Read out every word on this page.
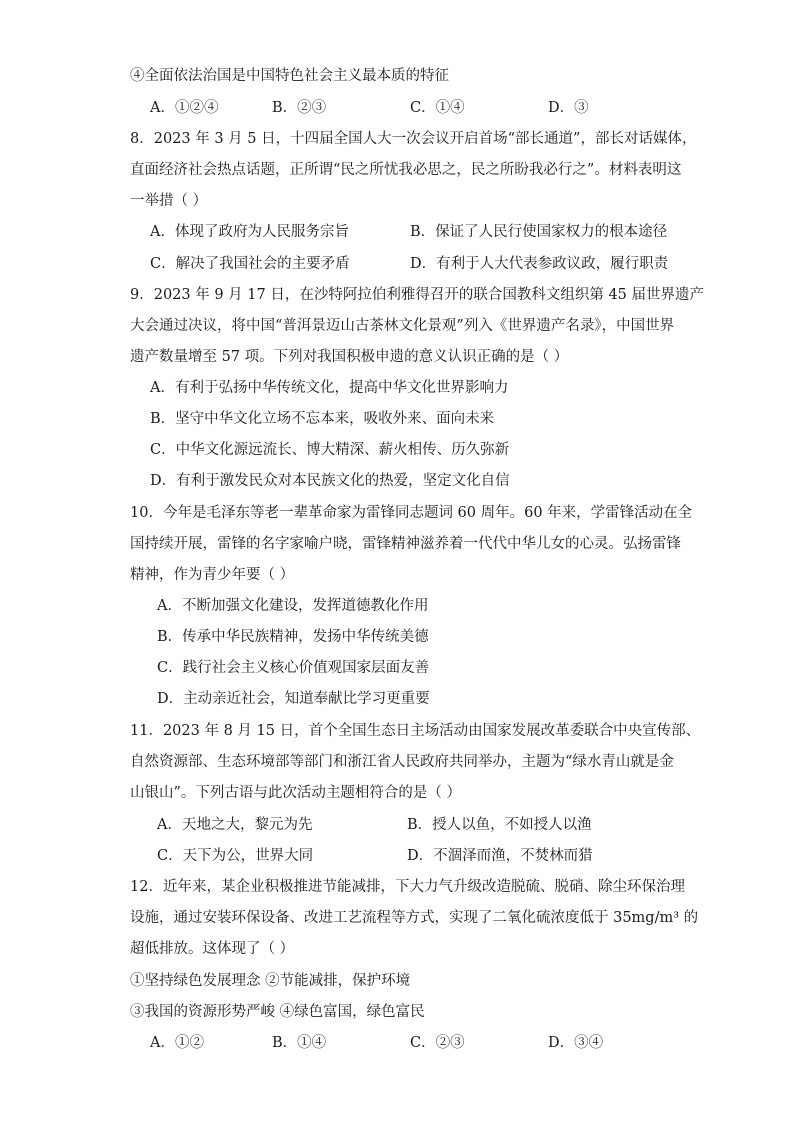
④全面依法治国是中国特色社会主义最本质的特征
A．①②④	B．②③	C．①④	D．③
8．2023 年 3 月 5 日，十四届全国人大一次会议开启首场“部长通道”，部长对话媒体，
直面经济社会热点话题，正所谓“民之所忧我必思之，民之所盼我必行之”。材料表明这
一举措（ ）
A．体现了政府为人民服务宗旨	B．保证了人民行使国家权力的根本途径
C．解决了我国社会的主要矛盾	D．有利于人大代表参政议政，履行职责
9．2023 年 9 月 17 日，在沙特阿拉伯利雅得召开的联合国教科文组织第 45 届世界遗产
大会通过决议，将中国“普洱景迈山古茶林文化景观”列入《世界遗产名录》，中国世界
遗产数量增至 57 项。下列对我国积极申遗的意义认识正确的是（ ）
A．有利于弘扬中华传统文化，提高中华文化世界影响力
B．坚守中华文化立场不忘本来，吸收外来、面向未来
C．中华文化源远流长、博大精深、薪火相传、历久弥新
D．有利于激发民众对本民族文化的热爱，坚定文化自信
10．今年是毛泽东等老一辈革命家为雷锋同志题词 60 周年。60 年来，学雷锋活动在全
国持续开展，雷锋的名字家喻户晓，雷锋精神滋养着一代代中华儿女的心灵。弘扬雷锋
精神，作为青少年要（ ）
A．不断加强文化建设，发挥道德教化作用
B．传承中华民族精神，发扬中华传统美德
C．践行社会主义核心价值观国家层面友善
D．主动亲近社会，知道奉献比学习更重要
11．2023 年 8 月 15 日，首个全国生态日主场活动由国家发展改革委联合中央宣传部、
自然资源部、生态环境部等部门和浙江省人民政府共同举办，主题为“绿水青山就是金
山银山”。下列古语与此次活动主题相符合的是（ ）
A．天地之大，黎元为先	B．授人以鱼，不如授人以渔
C．天下为公，世界大同	D．不涸泽而渔，不焚林而猎
12．近年来，某企业积极推进节能减排，下大力气升级改造脱硫、脱硝、除尘环保治理
设施，通过安装环保设备、改进工艺流程等方式，实现了二氧化硫浓度低于 35mg/m³ 的
超低排放。这体现了（ ）
①坚持绿色发展理念 ②节能减排，保护环境
③我国的资源形势严峻 ④绿色富国，绿色富民
A．①②	B．①④	C．②③	D．③④
